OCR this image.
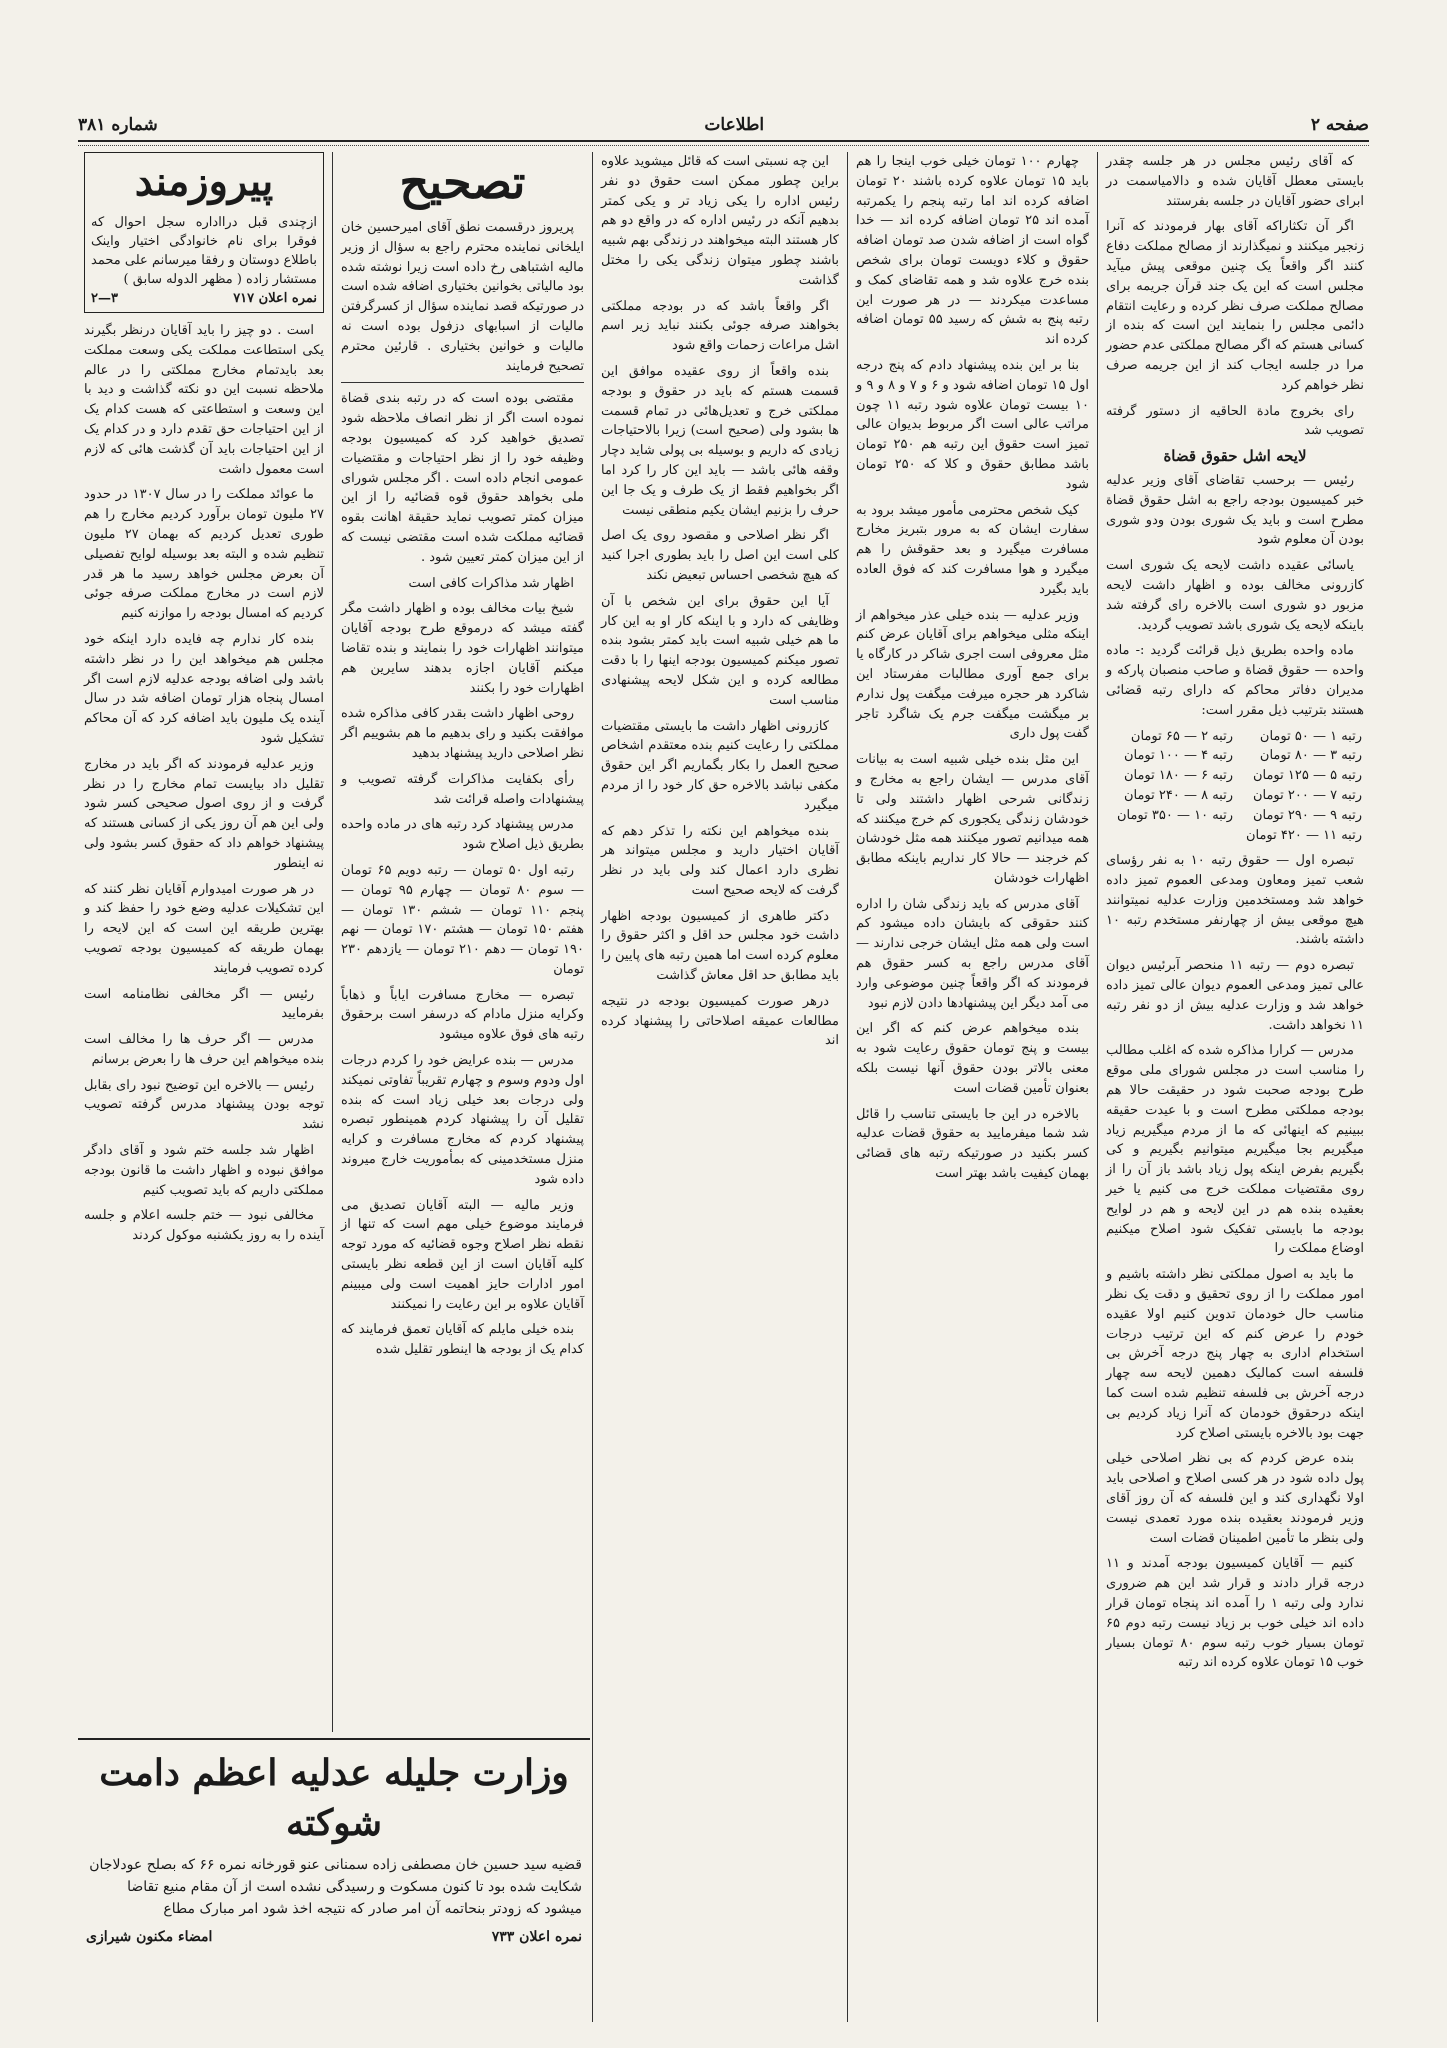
صفحه ۲
اطلاعات
شماره ۳۸۱

که آقای رئیس مجلس در هر جلسه چقدر بایستی معطل آقایان شده و دالامیاسمت در ابرای حضور آقایان در جلسه بفرستند

اگر آن تکثاراکه آقای بهار فرمودند که آنرا زنجیر میکنند و نمیگذارند از مصالح مملکت دفاع کنند اگر واقعاً یک چنین موقعی پیش میآید مجلس است که این یک جند قرآن جریمه برای مصالح مملکت صرف نظر کرده و رعایت انتقام دائمی مجلس را بنمایند این است که بنده از کسانی هستم که اگر مصالح مملکتی عدم حضور مرا در جلسه ایجاب کند از این جریمه صرف نظر خواهم کرد

رای بخروج مادة الحاقیه از دستور گرفته تصویب شد

لایحه اشل حقوق قضاة

رئیس — برحسب تقاضای آقای وزیر عدلیه خبر کمیسیون بودجه راجع به اشل حقوق قضاة مطرح است و باید یک شوری بودن ودو شوری بودن آن معلوم شود

یاسائی عقیده داشت لایحه یک شوری است کازرونی مخالف بوده و اظهار داشت لایحه مزبور دو شوری است بالاخره رای گرفته شد باینکه لایحه یک شوری باشد تصویب گردید.

ماده واحده بطریق ذیل قرائت گردید :- ماده واحده — حقوق قضاة و صاحب منصبان پارکه و مدیران دفاتر محاکم که دارای رتبه قضائی هستند بترتیب ذیل مقرر است:

رتبه ۱ — ۵۰ تومان	رتبه ۲ — ۶۵ تومان
رتبه ۳ — ۸۰ تومان	رتبه ۴ — ۱۰۰ تومان
رتبه ۵ — ۱۲۵ تومان	رتبه ۶ — ۱۸۰ تومان
رتبه ۷ — ۲۰۰ تومان	رتبه ۸ — ۲۴۰ تومان
رتبه ۹ — ۲۹۰ تومان	رتبه ۱۰ — ۳۵۰ تومان
رتبه ۱۱ — ۴۲۰ تومان	

تبصره اول — حقوق رتبه ۱۰ به نفر رؤسای شعب تمیز ومعاون ومدعی العموم تمیز داده خواهد شد ومستخدمین وزارت عدلیه نمیتوانند هیچ موقعی بیش از چهارنفر مستخدم رتبه ۱۰ داشته باشند.

تبصره دوم — رتبه ۱۱ منحصر آبرئیس دیوان عالی تمیز ومدعی العموم دیوان عالی تمیز داده خواهد شد و وزارت عدلیه بیش از دو نفر رتبه ۱۱ نخواهد داشت.

مدرس — کرارا مذاکره شده که اغلب مطالب را مناسب است در مجلس شورای ملی موقع طرح بودجه صحبت شود در حقیقت حالا هم بودجه مملکتی مطرح است و با عیدت حقیقه ببینیم که اینهائی که ما از مردم میگیریم زیاد میگیریم بجا میگیریم میتوانیم بگیریم و کی بگیریم بفرض اینکه پول زیاد باشد باز آن را از روی مقتضیات مملکت خرج می کنیم یا خیر بعقیده بنده هم در این لایحه و هم در لوایح بودجه ما بایستی تفکیک شود اصلاح میکنیم اوضاع مملکت را

ما باید به اصول مملکتی نظر داشته باشیم و امور مملکت را از روی تحقیق و دقت یک نظر مناسب حال خودمان تدوین کنیم اولا عقیده خودم را عرض کنم که این ترتیب درجات استخدام اداری به چهار پنج درجه آخرش بی فلسفه است کمالیک دهمین لایحه سه چهار درجه آخرش بی فلسفه تنظیم شده است کما اینکه درحقوق خودمان که آنرا زیاد کردیم بی جهت بود بالاخره بایستی اصلاح کرد

بنده عرض کردم که بی نظر اصلاحی خیلی پول داده شود در هر کسی اصلاح و اصلاحی باید اولا نگهداری کند و این فلسفه که آن روز آقای وزیر فرمودند بعقیده بنده مورد تعمدی نیست ولی بنظر ما تأمین اطمینان قضات است

کنیم — آقایان کمیسیون بودجه آمدند و ۱۱ درجه قرار دادند و قرار شد این هم ضروری ندارد ولی رتبه ۱ را آمده اند پنجاه تومان قرار داده اند خیلی خوب بر زیاد نیست رتبه دوم ۶۵ تومان بسیار خوب رتبه سوم ۸۰ تومان بسیار خوب ۱۵ تومان علاوه کرده اند رتبه

چهارم ۱۰۰ تومان خیلی خوب اینجا را هم باید ۱۵ تومان علاوه کرده باشند ۲۰ تومان اضافه کرده اند اما رتبه پنجم را یکمرتبه آمده اند ۲۵ تومان اضافه کرده اند — خدا گواه است از اضافه شدن صد تومان اضافه حقوق و کلاء دویست تومان برای شخص بنده خرج علاوه شد و همه تقاضای کمک و مساعدت میکردند — در هر صورت این رتبه پنج به شش که رسید ۵۵ تومان اضافه کرده اند

بنا بر این بنده پیشنهاد دادم که پنج درجه اول ۱۵ تومان اضافه شود و ۶ و ۷ و ۸ و ۹ و ۱۰ بیست تومان علاوه شود رتبه ۱۱ چون مراتب عالی است اگر مربوط بدیوان عالی تمیز است حقوق این رتبه هم ۲۵۰ تومان باشد مطابق حقوق و کلا که ۲۵۰ تومان شود

کیک شخص محترمی مأمور میشد برود به سفارت ایشان که به مرور بتبریز مخارج مسافرت میگیرد و بعد حقوقش را هم میگیرد و هوا مسافرت کند که فوق العاده باید بگیرد

وزیر عدلیه — بنده خیلی عذر میخواهم از اینکه مثلی میخواهم برای آقایان عرض کنم مثل معروفی است اجری شاکر در کارگاه یا برای جمع آوری مطالبات مفرستاد این شاکرد هر حجره میرفت میگفت پول ندارم بر میگشت میگفت جرم یک شاگرد تاجر گفت پول داری

این مثل بنده خیلی شبیه است به بیانات آقای مدرس — ایشان راجع به مخارج و زندگانی شرحی اظهار داشتند ولی تا خودشان زندگی یکجوری کم خرج میکنند که همه میدانیم تصور میکنند همه مثل خودشان کم خرجند — حالا کار نداریم باینکه مطابق اظهارات خودشان

آقای مدرس که باید زندگی شان را اداره کنند حقوقی که بایشان داده میشود کم است ولی همه مثل ایشان خرجی ندارند — آقای مدرس راجع به کسر حقوق هم فرمودند که اگر واقعاً چنین موضوعی وارد می آمد دیگر این پیشنهادها دادن لازم نبود

بنده میخواهم عرض کنم که اگر این بیست و پنج تومان حقوق رعایت شود به معنی بالاتر بودن حقوق آنها نیست بلکه بعنوان تأمین قضات است

بالاخره در این جا بایستی تناسب را قائل شد شما میفرمایید به حقوق قضات عدلیه کسر بکنید در صورتیکه رتبه های قضائی بهمان کیفیت باشد بهتر است

این چه نسبتی است که قائل میشوید علاوه براین چطور ممکن است حقوق دو نفر رئیس اداره را یکی زیاد تر و یکی کمتر بدهیم آنکه در رئیس اداره که در واقع دو هم کار هستند البته میخواهند در زندگی بهم شبیه باشند چطور میتوان زندگی یکی را مختل گذاشت

اگر واقعاً باشد که در بودجه مملکتی بخواهند صرفه جوئی بکنند نباید زیر اسم اشل مراعات زحمات واقع شود

بنده واقعاً از روی عقیده موافق این قسمت هستم که باید در حقوق و بودجه مملکتی خرج و تعدیل‌هائی در تمام قسمت ها بشود ولی (صحیح است) زیرا بالاحتیاجات زیادی که داریم و بوسیله بی پولی شاید دچار وقفه هائی باشد — باید این کار را کرد اما اگر بخواهیم فقط از یک طرف و یک جا این حرف را بزنیم ایشان یکیم منطقی نیست

اگر نظر اصلاحی و مقصود روی یک اصل کلی است این اصل را باید بطوری اجرا کنید که هیچ شخصی احساس تبعیض نکند

آیا این حقوق برای این شخص با آن وظایفی که دارد و با اینکه کار او به این کار ما هم خیلی شبیه است باید کمتر بشود بنده تصور میکنم کمیسیون بودجه اینها را با دقت مطالعه کرده و این شکل لایحه پیشنهادی مناسب است

کازرونی اظهار داشت ما بایستی مقتضیات مملکتی را رعایت کنیم بنده معتقدم اشخاص صحیح العمل را بکار بگماریم اگر این حقوق مکفی نباشد بالاخره حق کار خود را از مردم میگیرد

بنده میخواهم این نکته را تذکر دهم که آقایان اختیار دارید و مجلس میتواند هر نظری دارد اعمال کند ولی باید در نظر گرفت که لایحه صحیح است

دکتر طاهری از کمیسیون بودجه اظهار داشت خود مجلس حد اقل و اکثر حقوق را معلوم کرده است اما همین رتبه های پایین را باید مطابق حد اقل معاش گذاشت

درهر صورت کمیسیون بودجه در نتیجه مطالعات عمیقه اصلاحاتی را پیشنهاد کرده اند

تصحیح

پریروز درقسمت نطق آقای امیرحسین خان ایلخانی نماینده محترم راجع به سؤال از وزیر مالیه اشتباهی رخ داده است زیرا نوشته شده بود مالیاتی بخوانین بختیاری اضافه شده است در صورتیکه قصد نماینده سؤال از کسرگرفتن مالیات از اسبابهای دزفول بوده است نه مالیات و خوانین بختیاری . قارئین محترم تصحیح فرمایند

مقتضی بوده است که در رتبه بندی قضاة نموده است اگر از نظر انصاف ملاحظه شود تصدیق خواهید کرد که کمیسیون بودجه وظیفه خود را از نظر احتیاجات و مقتضیات عمومی انجام داده است . اگر مجلس شورای ملی بخواهد حقوق قوه قضائیه را از این میزان کمتر تصویب نماید حقیقة اهانت بقوه قضائیه مملکت شده است مقتضی نیست که از این میزان کمتر تعیین شود .

اظهار شد مذاکرات کافی است

شیخ بیات مخالف بوده و اظهار داشت مگر گفته میشد که درموقع طرح بودجه آقایان میتوانند اظهارات خود را بنمایند و بنده تقاضا میکنم آقایان اجازه بدهند سایرین هم اظهارات خود را بکنند

روحی اظهار داشت بقدر کافی مذاکره شده موافقت بکنید و رای بدهیم ما هم بشوییم اگر نظر اصلاحی دارید پیشنهاد بدهید

رأی بکفایت مذاکرات گرفته تصویب و پیشنهادات واصله قرائت شد

مدرس پیشنهاد کرد رتبه های در ماده واحده بطریق ذیل اصلاح شود

رتبه اول ۵۰ تومان — رتبه دویم ۶۵ تومان — سوم ۸۰ تومان — چهارم ۹۵ تومان — پنجم ۱۱۰ تومان — ششم ۱۳۰ تومان — هفتم ۱۵۰ تومان — هشتم ۱۷۰ تومان — نهم ۱۹۰ تومان — دهم ۲۱۰ تومان — یازدهم ۲۳۰ تومان

تبصره — مخارج مسافرت ایاباً و ذهاباً وکرایه منزل مادام که درسفر است برحقوق رتبه های فوق علاوه میشود

مدرس — بنده عرایض خود را کردم درجات اول ودوم وسوم و چهارم تقریباً تفاوتی نمیکند ولی درجات بعد خیلی زیاد است که بنده تقلیل آن را پیشنهاد کردم همینطور تبصره پیشنهاد کردم که مخارج مسافرت و کرایه منزل مستخدمینی که بمأموریت خارج میروند داده شود

وزیر مالیه — البته آقایان تصدیق می فرمایند موضوع خیلی مهم است که تنها از نقطه نظر اصلاح وجوه قضائیه که مورد توجه کلیه آقایان است از این قطعه نظر بایستی امور ادارات حایز اهمیت است ولی میبینم آقایان علاوه بر این رعایت را نمیکنند

بنده خیلی مایلم که آقایان تعمق فرمایند که کدام یک از بودجه ها اینطور تقلیل شده

پیروزمند
ازچندی قبل درااداره سجل احوال که فوقرا برای نام خانوادگی اختیار واینک باطلاع دوستان و رفقا میرسانم علی محمد مستشار زاده ( مظهر الدوله سابق )
نمره اعلان ۷۱۷
۳—۲

است . دو چیز را باید آقایان درنظر بگیرند یکی استطاعت مملکت یکی وسعت مملکت بعد بایدتمام مخارج مملکتی را در عالم ملاحظه نسبت این دو نکته گذاشت و دید با این وسعت و استطاعتی که هست کدام یک از این احتیاجات حق تقدم دارد و در کدام یک از این احتیاجات باید آن گذشت هائی که لازم است معمول داشت

ما عوائد مملکت را در سال ۱۳۰۷ در حدود ۲۷ ملیون تومان برآورد کردیم مخارج را هم طوری تعدیل کردیم که بهمان ۲۷ ملیون تنظیم شده و البته بعد بوسیله لوایح تفصیلی آن بعرض مجلس خواهد رسید ما هر قدر لازم است در مخارج مملکت صرفه جوئی کردیم که امسال بودجه را موازنه کنیم

بنده کار ندارم چه فایده دارد اینکه خود مجلس هم میخواهد این را در نظر داشته باشد ولی اضافه بودجه عدلیه لازم است اگر امسال پنجاه هزار تومان اضافه شد در سال آینده یک ملیون باید اضافه کرد که آن محاکم تشکیل شود

وزیر عدلیه فرمودند که اگر باید در مخارج تقلیل داد بیایست تمام مخارج را در نظر گرفت و از روی اصول صحیحی کسر شود ولی این هم آن روز یکی از کسانی هستند که پیشنهاد خواهم داد که حقوق کسر بشود ولی نه اینطور

در هر صورت امیدوارم آقایان نظر کنند که این تشکیلات عدلیه وضع خود را حفظ کند و بهترین طریقه این است که این لایحه را بهمان طریقه که کمیسیون بودجه تصویب کرده تصویب فرمایند

رئیس — اگر مخالفی نظامنامه است بفرمایید

مدرس — اگر حرف ها را مخالف است بنده میخواهم این حرف ها را بعرض برسانم

رئیس — بالاخره این توضیح نبود رای بقابل توجه بودن پیشنهاد مدرس گرفته تصویب نشد

اظهار شد جلسه ختم شود و آقای دادگر موافق نبوده و اظهار داشت ما قانون بودجه مملکتی داریم که باید تصویب کنیم

مخالفی نبود — ختم جلسه اعلام و جلسه آینده را به روز یکشنبه موکول کردند

وزارت جلیله عدلیه اعظم دامت شوکته
قضیه سید حسین خان مصطفی زاده سمنانی عنو قورخانه نمره ۶۶ که بصلح عودلاجان شکایت شده بود تا کنون مسکوت و رسیدگی نشده است از آن مقام منیع تقاضا میشود که زودتر بنحاتمه آن امر صادر که نتیجه اخذ شود امر مبارک مطاع
نمره اعلان ۷۳۳
امضاء مکنون شیرازی
